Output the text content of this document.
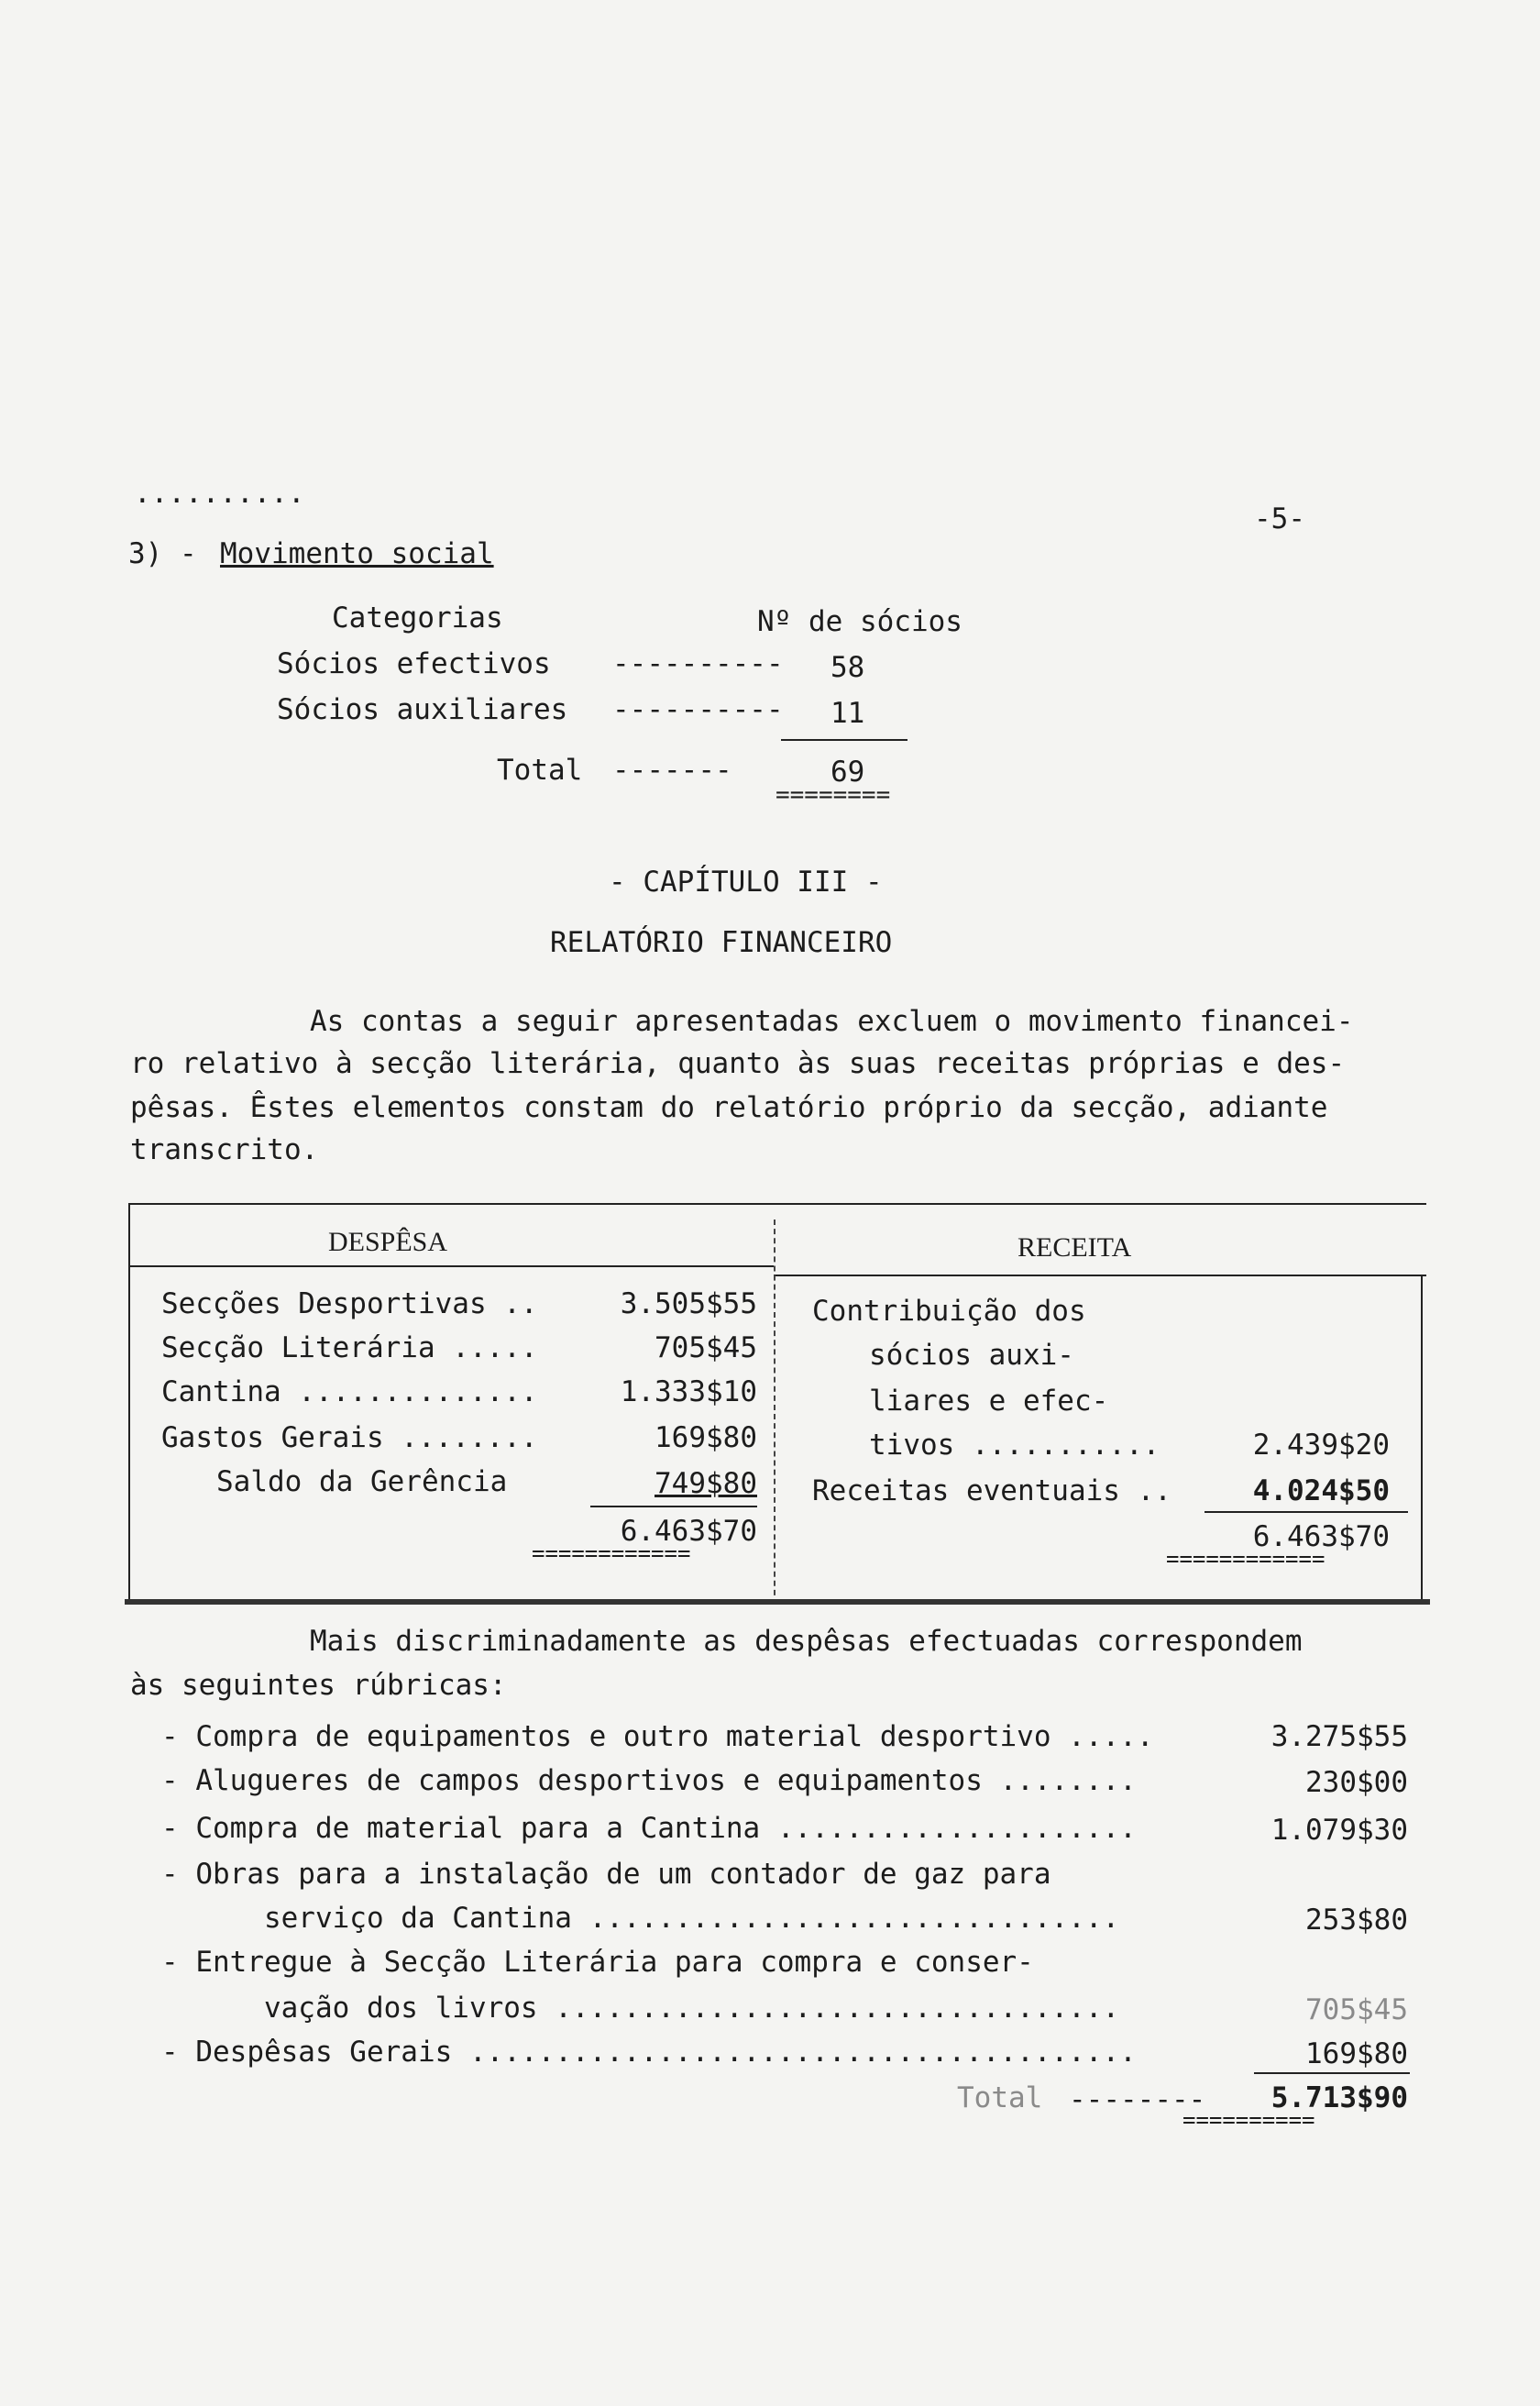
-5-
..........
3) - Movimento social
Categorias	Nº de sócios
Sócios efectivos ---------- 58
Sócios auxiliares ---------- 11
Total -------	69
========
- CAPÍTULO III -
RELATÓRIO FINANCEIRO
As contas a seguir apresentadas excluem o movimento financei-
ro relativo à secção literária, quanto às suas receitas próprias e des-
pêsas. Êstes elementos constam do relatório próprio da secção, adiante
transcrito.
DESPÊSA	RECEITA
Secções Desportivas ..	3.505$55
Secção Literária .....	705$45
Cantina ..............	1.333$10
Gastos Gerais ........	169$80
Saldo da Gerência	749$80
6.463$70
============
Contribuição dos
sócios auxi-
liares e efec-
tivos ...........	2.439$20
Receitas eventuais ..	4.024$50
6.463$70
============
Mais discriminadamente as despêsas efectuadas correspondem
às seguintes rúbricas:
- Compra de equipamentos e outro material desportivo .....	3.275$55
- Alugueres de campos desportivos e equipamentos ........	230$00
- Compra de material para a Cantina .....................	1.079$30
- Obras para a instalação de um contador de gaz para
serviço da Cantina ...............................	253$80
- Entregue à Secção Literária para compra e conser-
vação dos livros .................................	705$45
- Despêsas Gerais .......................................	169$80
Total --------	5.713$90
==========
